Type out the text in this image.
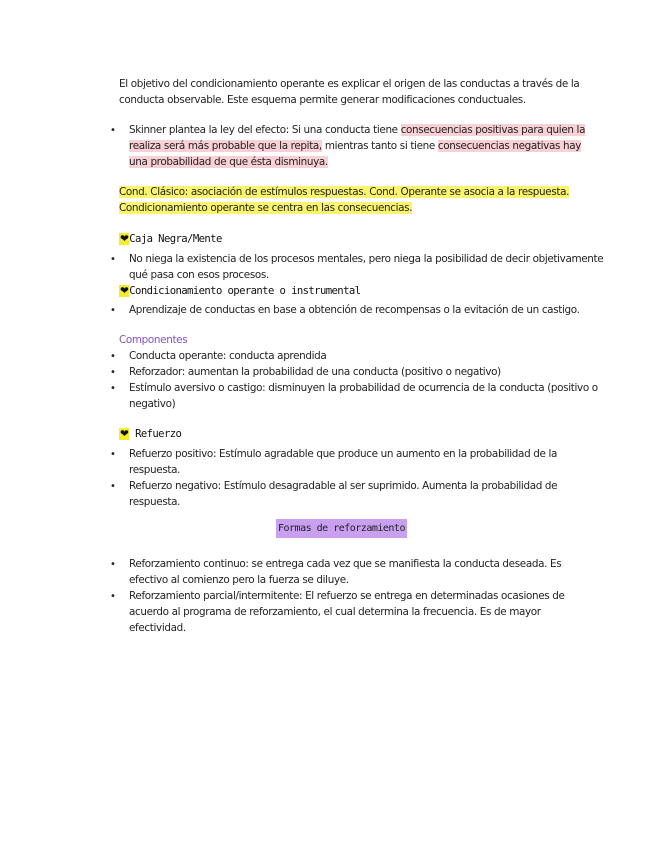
El objetivo del condicionamiento operante es explicar el origen de las conductas a través de la
conducta observable. Este esquema permite generar modificaciones conductuales.
• Skinner plantea la ley del efecto: Si una conducta tiene consecuencias positivas para quien la
realiza será más probable que la repita, mientras tanto si tiene consecuencias negativas hay
una probabilidad de que ésta disminuya.
Cond. Clásico: asociación de estímulos respuestas. Cond. Operante se asocia a la respuesta.
Condicionamiento operante se centra en las consecuencias.
❤Caja Negra/Mente
• No niega la existencia de los procesos mentales, pero niega la posibilidad de decir objetivamente
qué pasa con esos procesos.
❤Condicionamiento operante o instrumental
• Aprendizaje de conductas en base a obtención de recompensas o la evitación de un castigo.
Componentes
• Conducta operante: conducta aprendida
• Reforzador: aumentan la probabilidad de una conducta (positivo o negativo)
• Estímulo aversivo o castigo: disminuyen la probabilidad de ocurrencia de la conducta (positivo o
negativo)
❤ Refuerzo
• Refuerzo positivo: Estímulo agradable que produce un aumento en la probabilidad de la
respuesta.
• Refuerzo negativo: Estímulo desagradable al ser suprimido. Aumenta la probabilidad de
respuesta.
Formas de reforzamiento
• Reforzamiento continuo: se entrega cada vez que se manifiesta la conducta deseada. Es
efectivo al comienzo pero la fuerza se diluye.
• Reforzamiento parcial/intermitente: El refuerzo se entrega en determinadas ocasiones de
acuerdo al programa de reforzamiento, el cual determina la frecuencia. Es de mayor
efectividad.
